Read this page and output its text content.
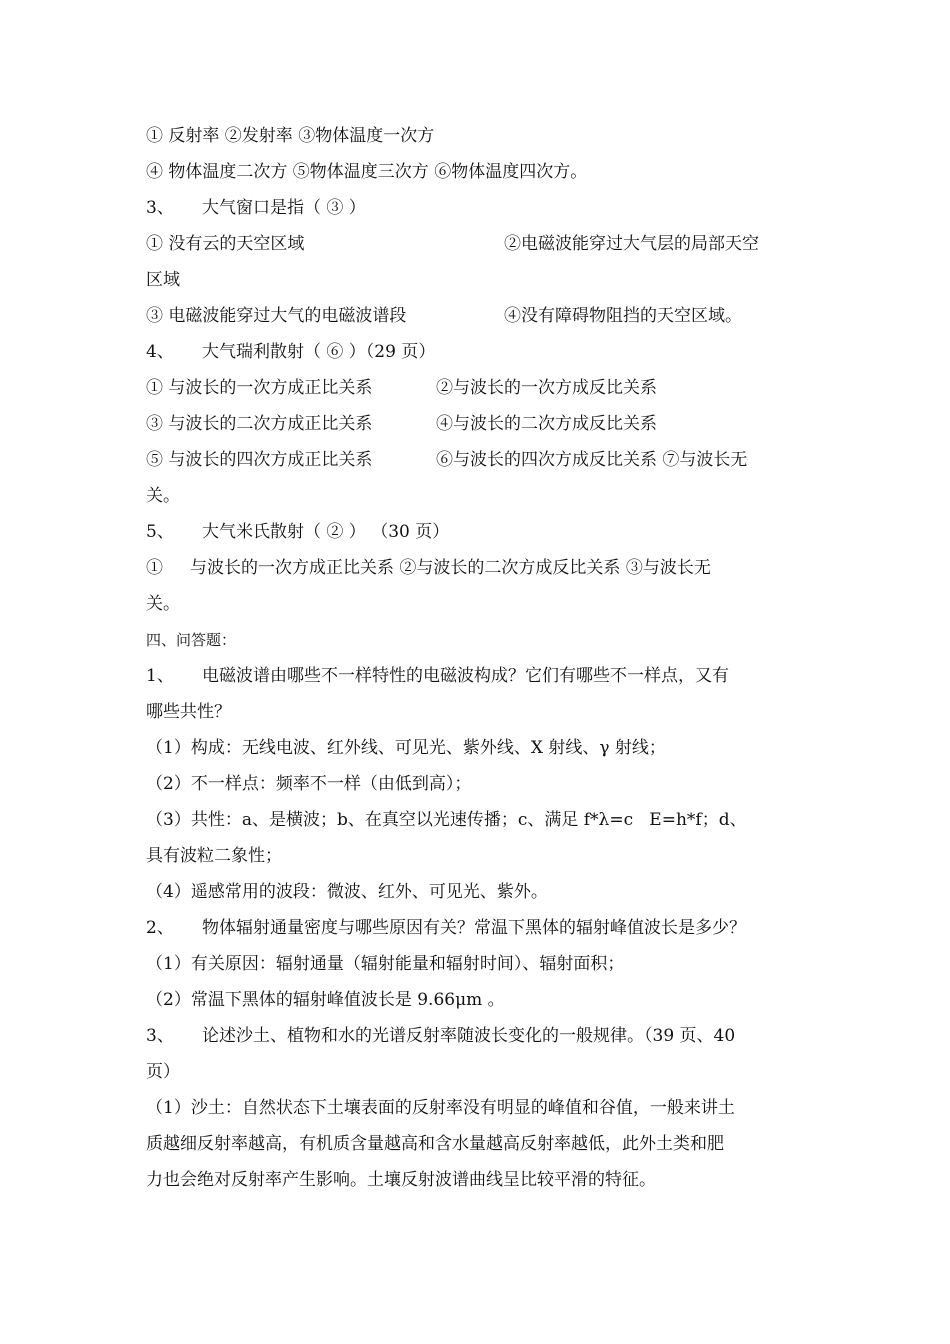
① 反射率 ②发射率 ③物体温度一次方
④ 物体温度二次方 ⑤物体温度三次方 ⑥物体温度四次方。
3、 大气窗口是指（ ③ ）
① 没有云的天空区域	②电磁波能穿过大气层的局部天空
区域
③ 电磁波能穿过大气的电磁波谱段	④没有障碍物阻挡的天空区域。
4、 大气瑞利散射（ ⑥ ）（29 页）
① 与波长的一次方成正比关系	②与波长的一次方成反比关系
③ 与波长的二次方成正比关系	④与波长的二次方成反比关系
⑤ 与波长的四次方成正比关系	⑥与波长的四次方成反比关系 ⑦与波长无
关。
5、 大气米氏散射（ ② ） （30 页）
①     与波长的一次方成正比关系 ②与波长的二次方成反比关系 ③与波长无
关。
四、问答题：
1、 电磁波谱由哪些不一样特性的电磁波构成？它们有哪些不一样点，又有
哪些共性？
（1）构成：无线电波、红外线、可见光、紫外线、X 射线、γ 射线；
（2）不一样点：频率不一样（由低到高）；
（3）共性：a、是横波；b、在真空以光速传播；c、满足 f*λ=c   E=h*f；d、
具有波粒二象性；
（4）遥感常用的波段：微波、红外、可见光、紫外。
2、 物体辐射通量密度与哪些原因有关？常温下黑体的辐射峰值波长是多少？
（1）有关原因：辐射通量（辐射能量和辐射时间）、辐射面积；
（2）常温下黑体的辐射峰值波长是 9.66μm 。
3、 论述沙土、植物和水的光谱反射率随波长变化的一般规律。（39 页、40
页）
（1）沙土：自然状态下土壤表面的反射率没有明显的峰值和谷值，一般来讲土
质越细反射率越高，有机质含量越高和含水量越高反射率越低，此外土类和肥
力也会绝对反射率产生影响。土壤反射波谱曲线呈比较平滑的特征。
